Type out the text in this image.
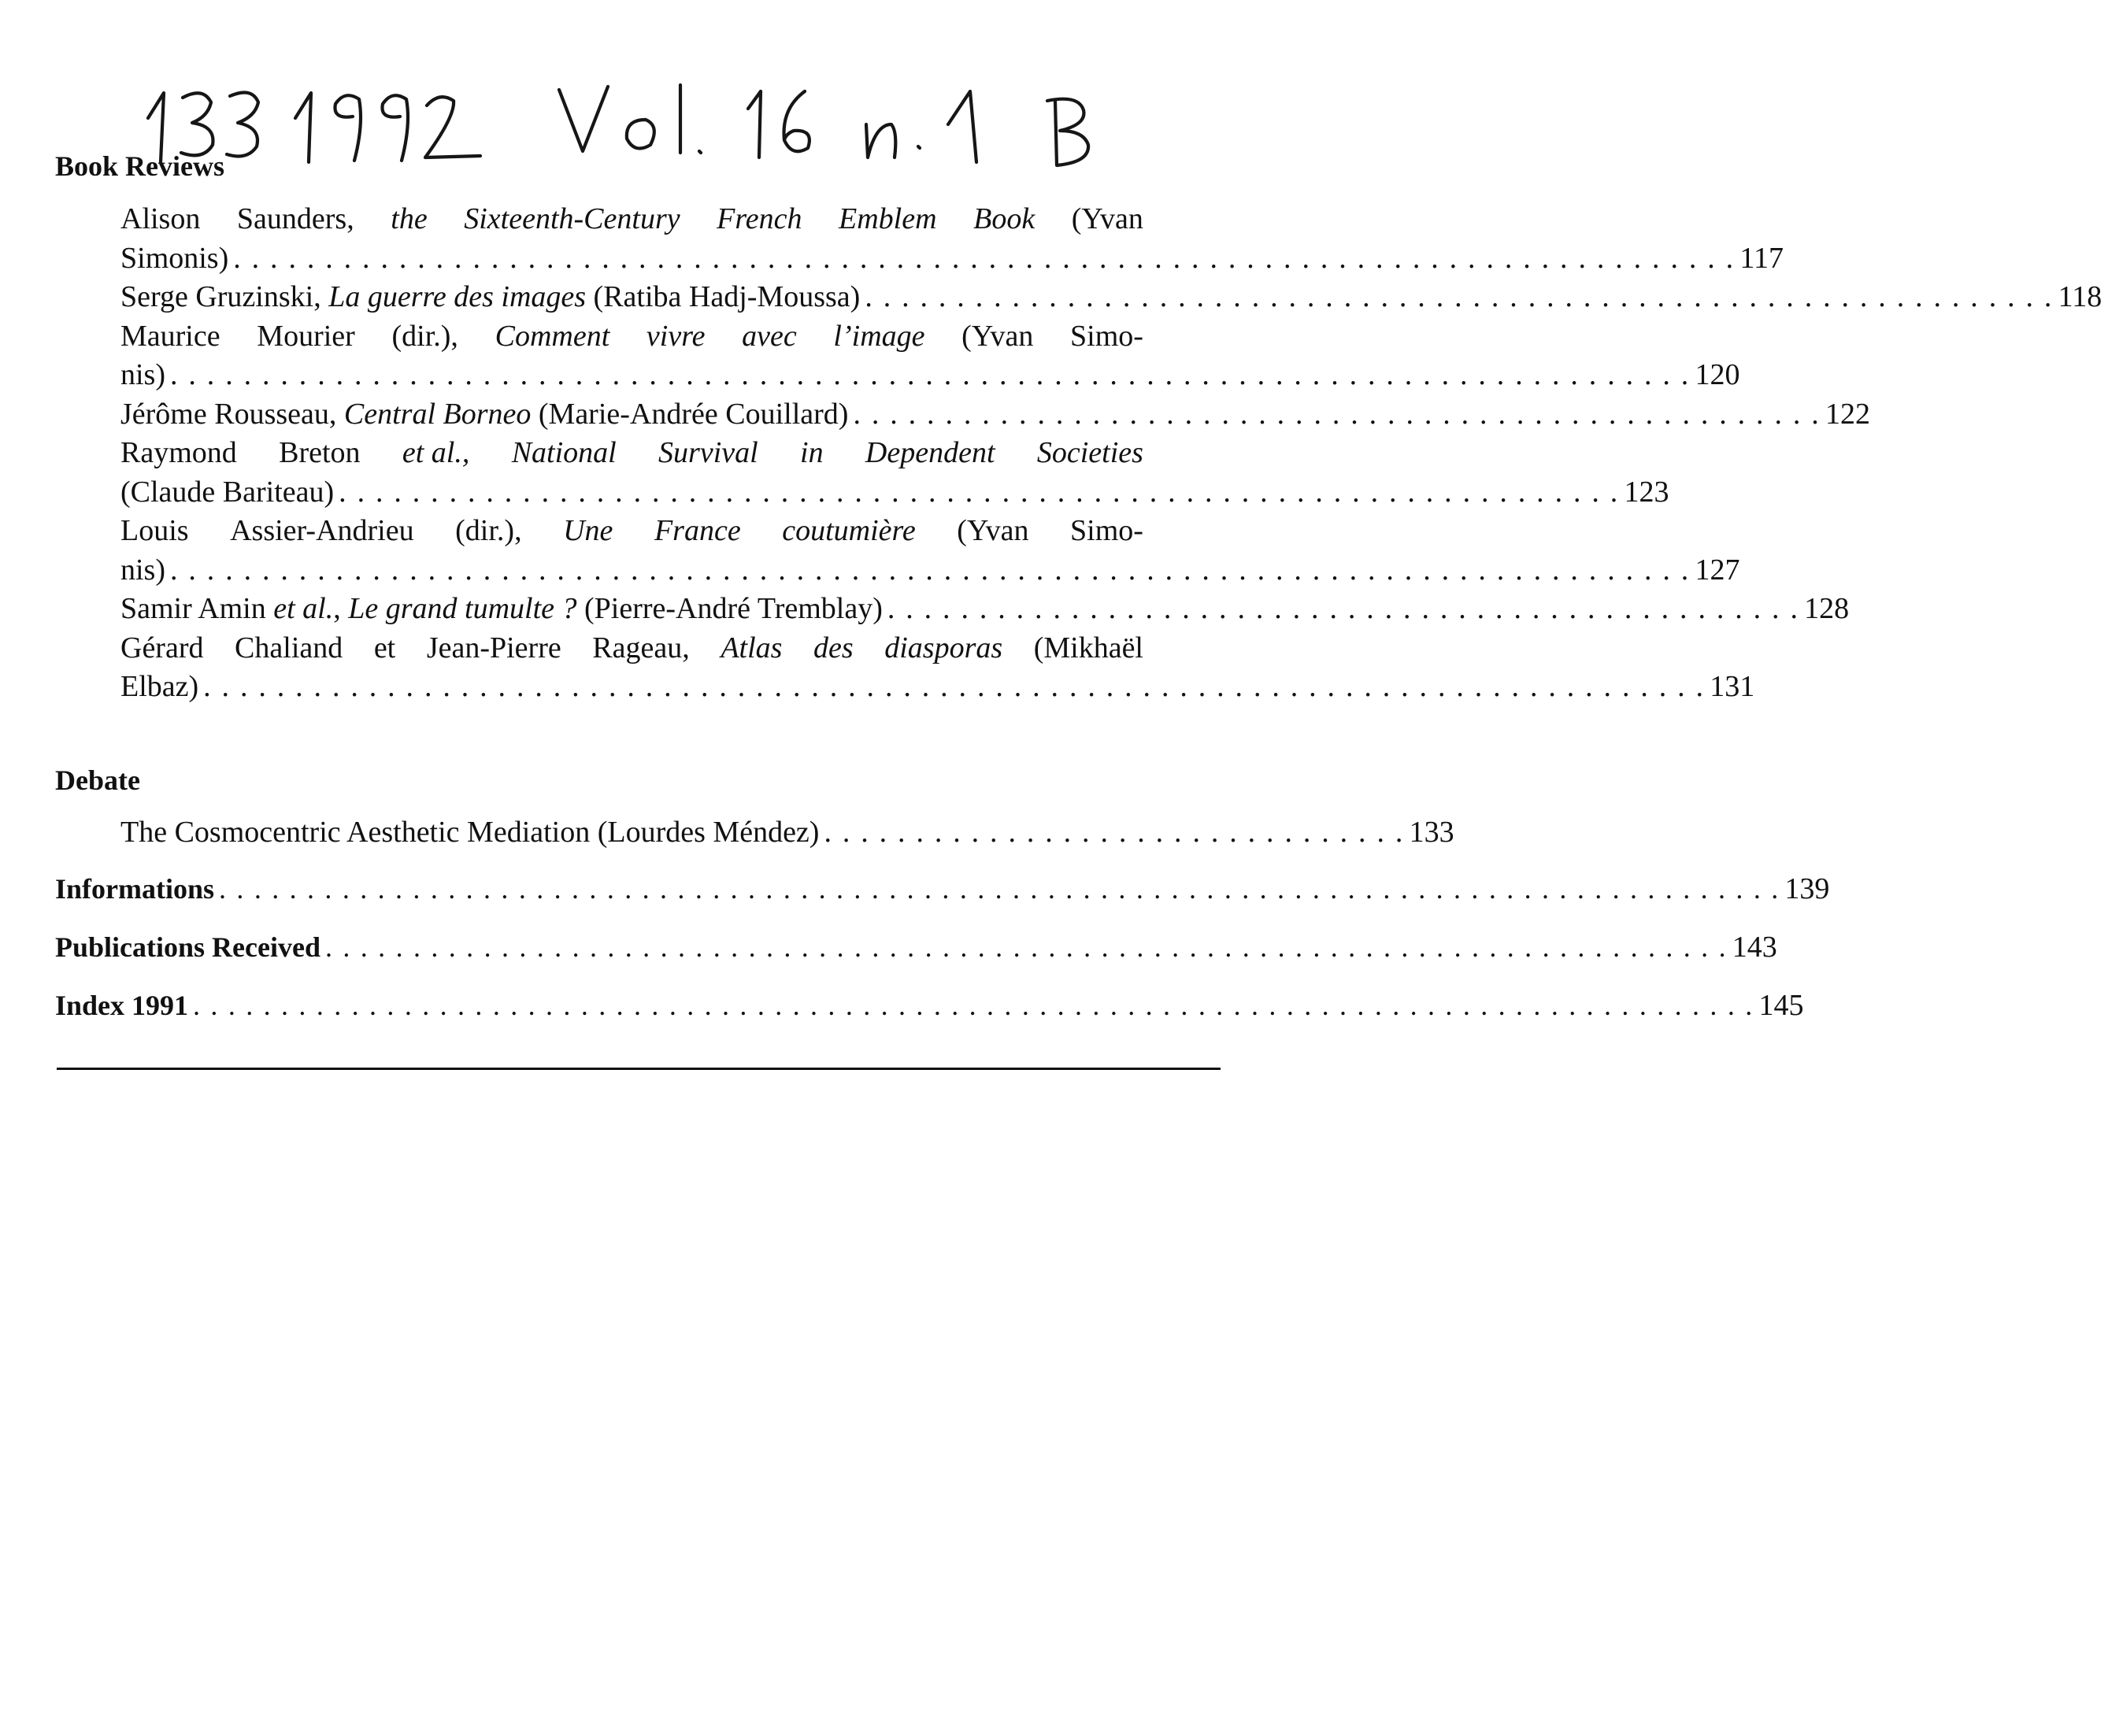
Book Reviews
Alison Saunders, the Sixteenth-Century French Emblem Book (Yvan
Simonis) . . . . . . . . . . . . . . . . . . . . . . . . . . . . . . . . . . . . . . . . . . . . . . . . . . . . . . . . . . . . . . . . . . . . . . . . . . . . . . . . . . 117
Serge Gruzinski, La guerre des images (Ratiba Hadj-Moussa) . . . . . . . . . . . . . . . . . . . . . . . . . . . . . . . . . . . . . . . . . . . . . . . . . . . . . . . . . . . . . . . . . 118
Maurice Mourier (dir.), Comment vivre avec l’image (Yvan Simo-
nis) . . . . . . . . . . . . . . . . . . . . . . . . . . . . . . . . . . . . . . . . . . . . . . . . . . . . . . . . . . . . . . . . . . . . . . . . . . . . . . . . . . . 120
Jérôme Rousseau, Central Borneo (Marie-Andrée Couillard) . . . . . . . . . . . . . . . . . . . . . . . . . . . . . . . . . . . . . . . . . . . . . . . . . . . . . 122
Raymond Breton et al., National Survival in Dependent Societies
(Claude Bariteau) . . . . . . . . . . . . . . . . . . . . . . . . . . . . . . . . . . . . . . . . . . . . . . . . . . . . . . . . . . . . . . . . . . . . . . 123
Louis Assier-Andrieu (dir.), Une France coutumière (Yvan Simo-
nis) . . . . . . . . . . . . . . . . . . . . . . . . . . . . . . . . . . . . . . . . . . . . . . . . . . . . . . . . . . . . . . . . . . . . . . . . . . . . . . . . . . . 127
Samir Amin et al., Le grand tumulte ? (Pierre-André Tremblay) . . . . . . . . . . . . . . . . . . . . . . . . . . . . . . . . . . . . . . . . . . . . . . . . . . 128
Gérard Chaliand et Jean-Pierre Rageau, Atlas des diasporas (Mikhaël
Elbaz) . . . . . . . . . . . . . . . . . . . . . . . . . . . . . . . . . . . . . . . . . . . . . . . . . . . . . . . . . . . . . . . . . . . . . . . . . . . . . . . . . . 131
Debate
The Cosmocentric Aesthetic Mediation (Lourdes Méndez) . . . . . . . . . . . . . . . . . . . . . . . . . . . . . . . . 133
Informations . . . . . . . . . . . . . . . . . . . . . . . . . . . . . . . . . . . . . . . . . . . . . . . . . . . . . . . . . . . . . . . . . . . . . . . . . . . . . . . . . . . . . . . . . 139
Publications Received . . . . . . . . . . . . . . . . . . . . . . . . . . . . . . . . . . . . . . . . . . . . . . . . . . . . . . . . . . . . . . . . . . . . . . . . . . . . . . . . 143
Index 1991 . . . . . . . . . . . . . . . . . . . . . . . . . . . . . . . . . . . . . . . . . . . . . . . . . . . . . . . . . . . . . . . . . . . . . . . . . . . . . . . . . . . . . . . . . 145
